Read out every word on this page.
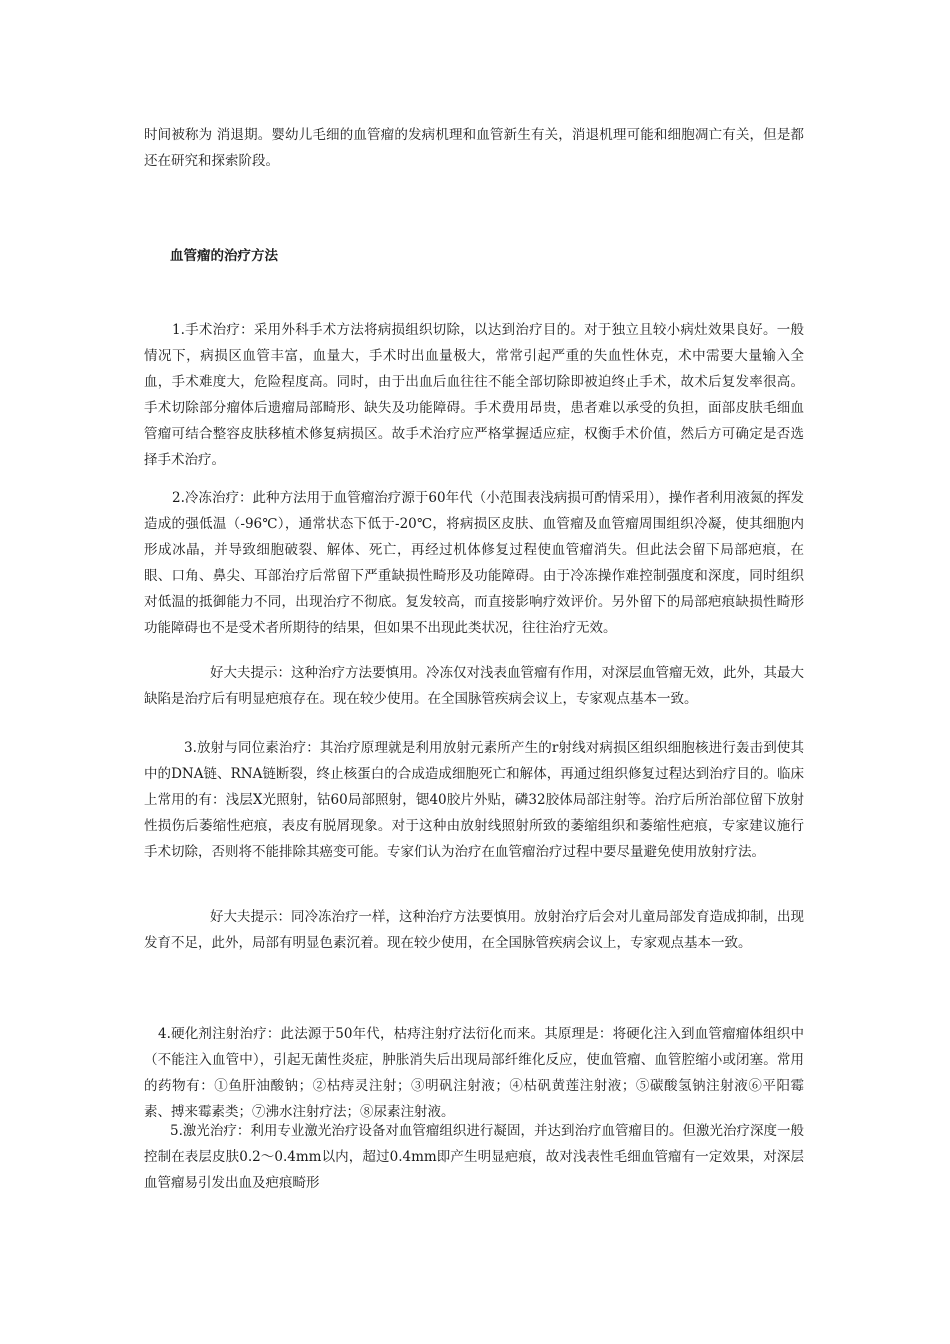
时间被称为 消退期。婴幼儿毛细的血管瘤的发病机理和血管新生有关，消退机理可能和细胞凋亡有关，但是都还在研究和探索阶段。

血管瘤的治疗方法

1.手术治疗：采用外科手术方法将病损组织切除，以达到治疗目的。对于独立且较小病灶效果良好。一般情况下，病损区血管丰富，血量大，手术时出血量极大，常常引起严重的失血性休克，术中需要大量输入全血，手术难度大，危险程度高。同时，由于出血后血往往不能全部切除即被迫终止手术，故术后复发率很高。手术切除部分瘤体后遗瘤局部畸形、缺失及功能障碍。手术费用昂贵，患者难以承受的负担，面部皮肤毛细血管瘤可结合整容皮肤移植术修复病损区。故手术治疗应严格掌握适应症，权衡手术价值，然后方可确定是否选择手术治疗。

2.冷冻治疗：此种方法用于血管瘤治疗源于60年代（小范围表浅病损可酌情采用），操作者利用液氮的挥发造成的强低温（-96℃），通常状态下低于-20℃，将病损区皮肤、血管瘤及血管瘤周围组织冷凝，使其细胞内形成冰晶，并导致细胞破裂、解体、死亡，再经过机体修复过程使血管瘤消失。但此法会留下局部疤痕，在眼、口角、鼻尖、耳部治疗后常留下严重缺损性畸形及功能障碍。由于冷冻操作难控制强度和深度，同时组织对低温的抵御能力不同，出现治疗不彻底。复发较高，而直接影响疗效评价。另外留下的局部疤痕缺损性畸形功能障碍也不是受术者所期待的结果，但如果不出现此类状况，往往治疗无效。

好大夫提示：这种治疗方法要慎用。冷冻仅对浅表血管瘤有作用，对深层血管瘤无效，此外，其最大缺陷是治疗后有明显疤痕存在。现在较少使用。在全国脉管疾病会议上，专家观点基本一致。

3.放射与同位素治疗：其治疗原理就是利用放射元素所产生的r射线对病损区组织细胞核进行轰击到使其中的DNA链、RNA链断裂，终止核蛋白的合成造成细胞死亡和解体，再通过组织修复过程达到治疗目的。临床上常用的有：浅层X光照射，钴60局部照射，锶40胶片外贴，磷32胶体局部注射等。治疗后所治部位留下放射性损伤后萎缩性疤痕，表皮有脱屑现象。对于这种由放射线照射所致的萎缩组织和萎缩性疤痕，专家建议施行手术切除，否则将不能排除其癌变可能。专家们认为治疗在血管瘤治疗过程中要尽量避免使用放射疗法。

好大夫提示：同冷冻治疗一样，这种治疗方法要慎用。放射治疗后会对儿童局部发育造成抑制，出现发育不足，此外，局部有明显色素沉着。现在较少使用，在全国脉管疾病会议上，专家观点基本一致。

4.硬化剂注射治疗：此法源于50年代，枯痔注射疗法衍化而来。其原理是：将硬化注入到血管瘤瘤体组织中（不能注入血管中），引起无菌性炎症，肿胀消失后出现局部纤维化反应，使血管瘤、血管腔缩小或闭塞。常用的药物有：①鱼肝油酸钠；②枯痔灵注射；③明矾注射液；④枯矾黄莲注射液；⑤碳酸氢钠注射液⑥平阳霉素、搏来霉素类；⑦沸水注射疗法；⑧尿素注射液。

5.激光治疗：利用专业激光治疗设备对血管瘤组织进行凝固，并达到治疗血管瘤目的。但激光治疗深度一般控制在表层皮肤0.2～0.4mm以内，超过0.4mm即产生明显疤痕，故对浅表性毛细血管瘤有一定效果，对深层血管瘤易引发出血及疤痕畸形
